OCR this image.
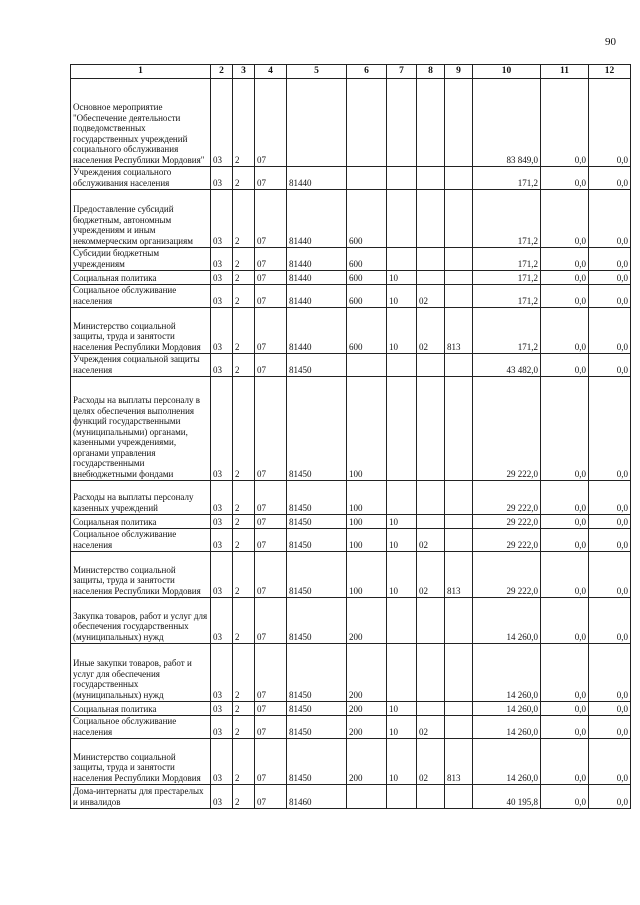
90
1	2	3	4	5	6	7	8	9	10	11	12
Основное мероприятие "Обеспечение деятельности подведомственных государственных учреждений социального обслуживания населения Республики Мордовия"	03	2	07						83 849,0	0,0	0,0
Учреждения социального обслуживания населения	03	2	07	81440					171,2	0,0	0,0
Предоставление субсидий бюджетным, автономным учреждениям и иным некоммерческим организациям	03	2	07	81440	600				171,2	0,0	0,0
Субсидии бюджетным учреждениям	03	2	07	81440	600				171,2	0,0	0,0
Социальная политика	03	2	07	81440	600	10			171,2	0,0	0,0
Социальное обслуживание населения	03	2	07	81440	600	10	02		171,2	0,0	0,0
Министерство социальной защиты, труда и занятости населения Республики Мордовия	03	2	07	81440	600	10	02	813	171,2	0,0	0,0
Учреждения социальной защиты населения	03	2	07	81450					43 482,0	0,0	0,0
Расходы на выплаты персоналу в целях обеспечения выполнения функций государственными (муниципальными) органами, казенными учреждениями, органами управления государственными внебюджетными фондами	03	2	07	81450	100				29 222,0	0,0	0,0
Расходы на выплаты персоналу казенных учреждений	03	2	07	81450	100				29 222,0	0,0	0,0
Социальная политика	03	2	07	81450	100	10			29 222,0	0,0	0,0
Социальное обслуживание населения	03	2	07	81450	100	10	02		29 222,0	0,0	0,0
Министерство социальной защиты, труда и занятости населения Республики Мордовия	03	2	07	81450	100	10	02	813	29 222,0	0,0	0,0
Закупка товаров, работ и услуг для обеспечения государственных (муниципальных) нужд	03	2	07	81450	200				14 260,0	0,0	0,0
Иные закупки товаров, работ и услуг для обеспечения государственных (муниципальных) нужд	03	2	07	81450	200				14 260,0	0,0	0,0
Социальная политика	03	2	07	81450	200	10			14 260,0	0,0	0,0
Социальное обслуживание населения	03	2	07	81450	200	10	02		14 260,0	0,0	0,0
Министерство социальной защиты, труда и занятости населения Республики Мордовия	03	2	07	81450	200	10	02	813	14 260,0	0,0	0,0
Дома-интернаты для престарелых и инвалидов	03	2	07	81460					40 195,8	0,0	0,0
